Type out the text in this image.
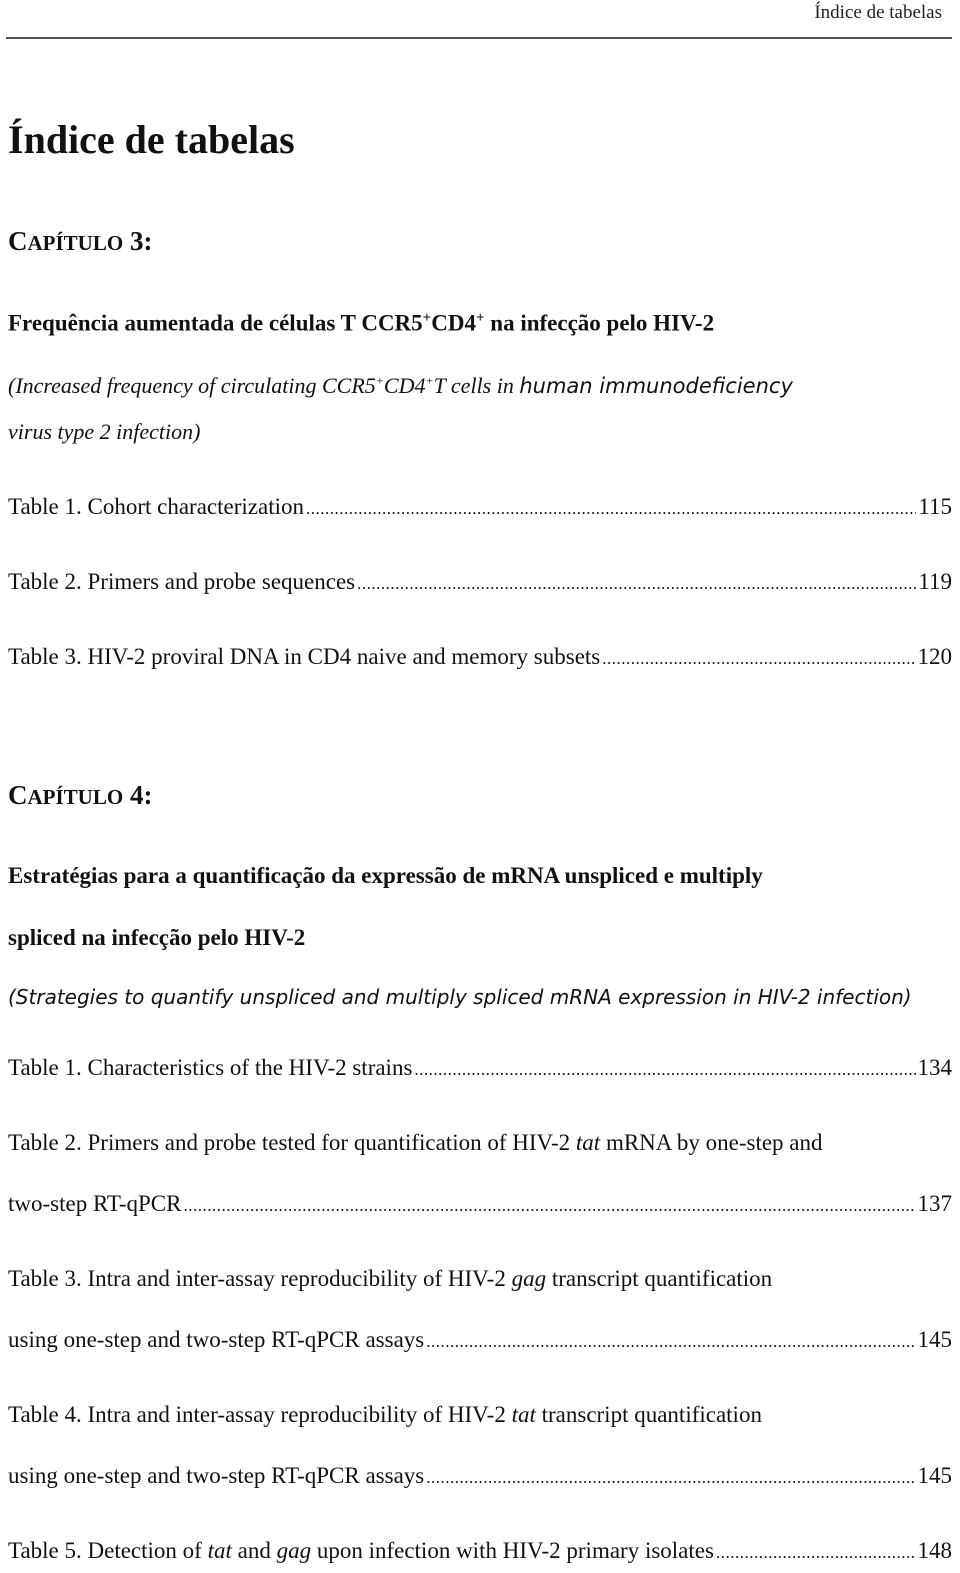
Índice de tabelas
Índice de tabelas
CAPÍTULO 3:
Frequência aumentada de células T CCR5+CD4+ na infecção pelo HIV-2
(Increased frequency of circulating CCR5+CD4+T cells in human immunodeficiency
virus type 2 infection)
Table 1. Cohort characterization .....	115
Table 2. Primers and probe sequences .....	119
Table 3. HIV-2 proviral DNA in CD4 naive and memory subsets .....	120
CAPÍTULO 4:
Estratégias para a quantificação da expressão de mRNA unspliced e multiply
spliced na infecção pelo HIV-2
(Strategies to quantify unspliced and multiply spliced mRNA expression in HIV-2 infection)
Table 1. Characteristics of the HIV-2 strains .....	134
Table 2. Primers and probe tested for quantification of HIV-2 tat mRNA by one-step and
two-step RT-qPCR .....	137
Table 3. Intra and inter-assay reproducibility of HIV-2 gag transcript quantification
using one-step and two-step RT-qPCR assays .....	145
Table 4. Intra and inter-assay reproducibility of HIV-2 tat transcript quantification
using one-step and two-step RT-qPCR assays .....	145
Table 5. Detection of tat and gag upon infection with HIV-2 primary isolates .....	148
